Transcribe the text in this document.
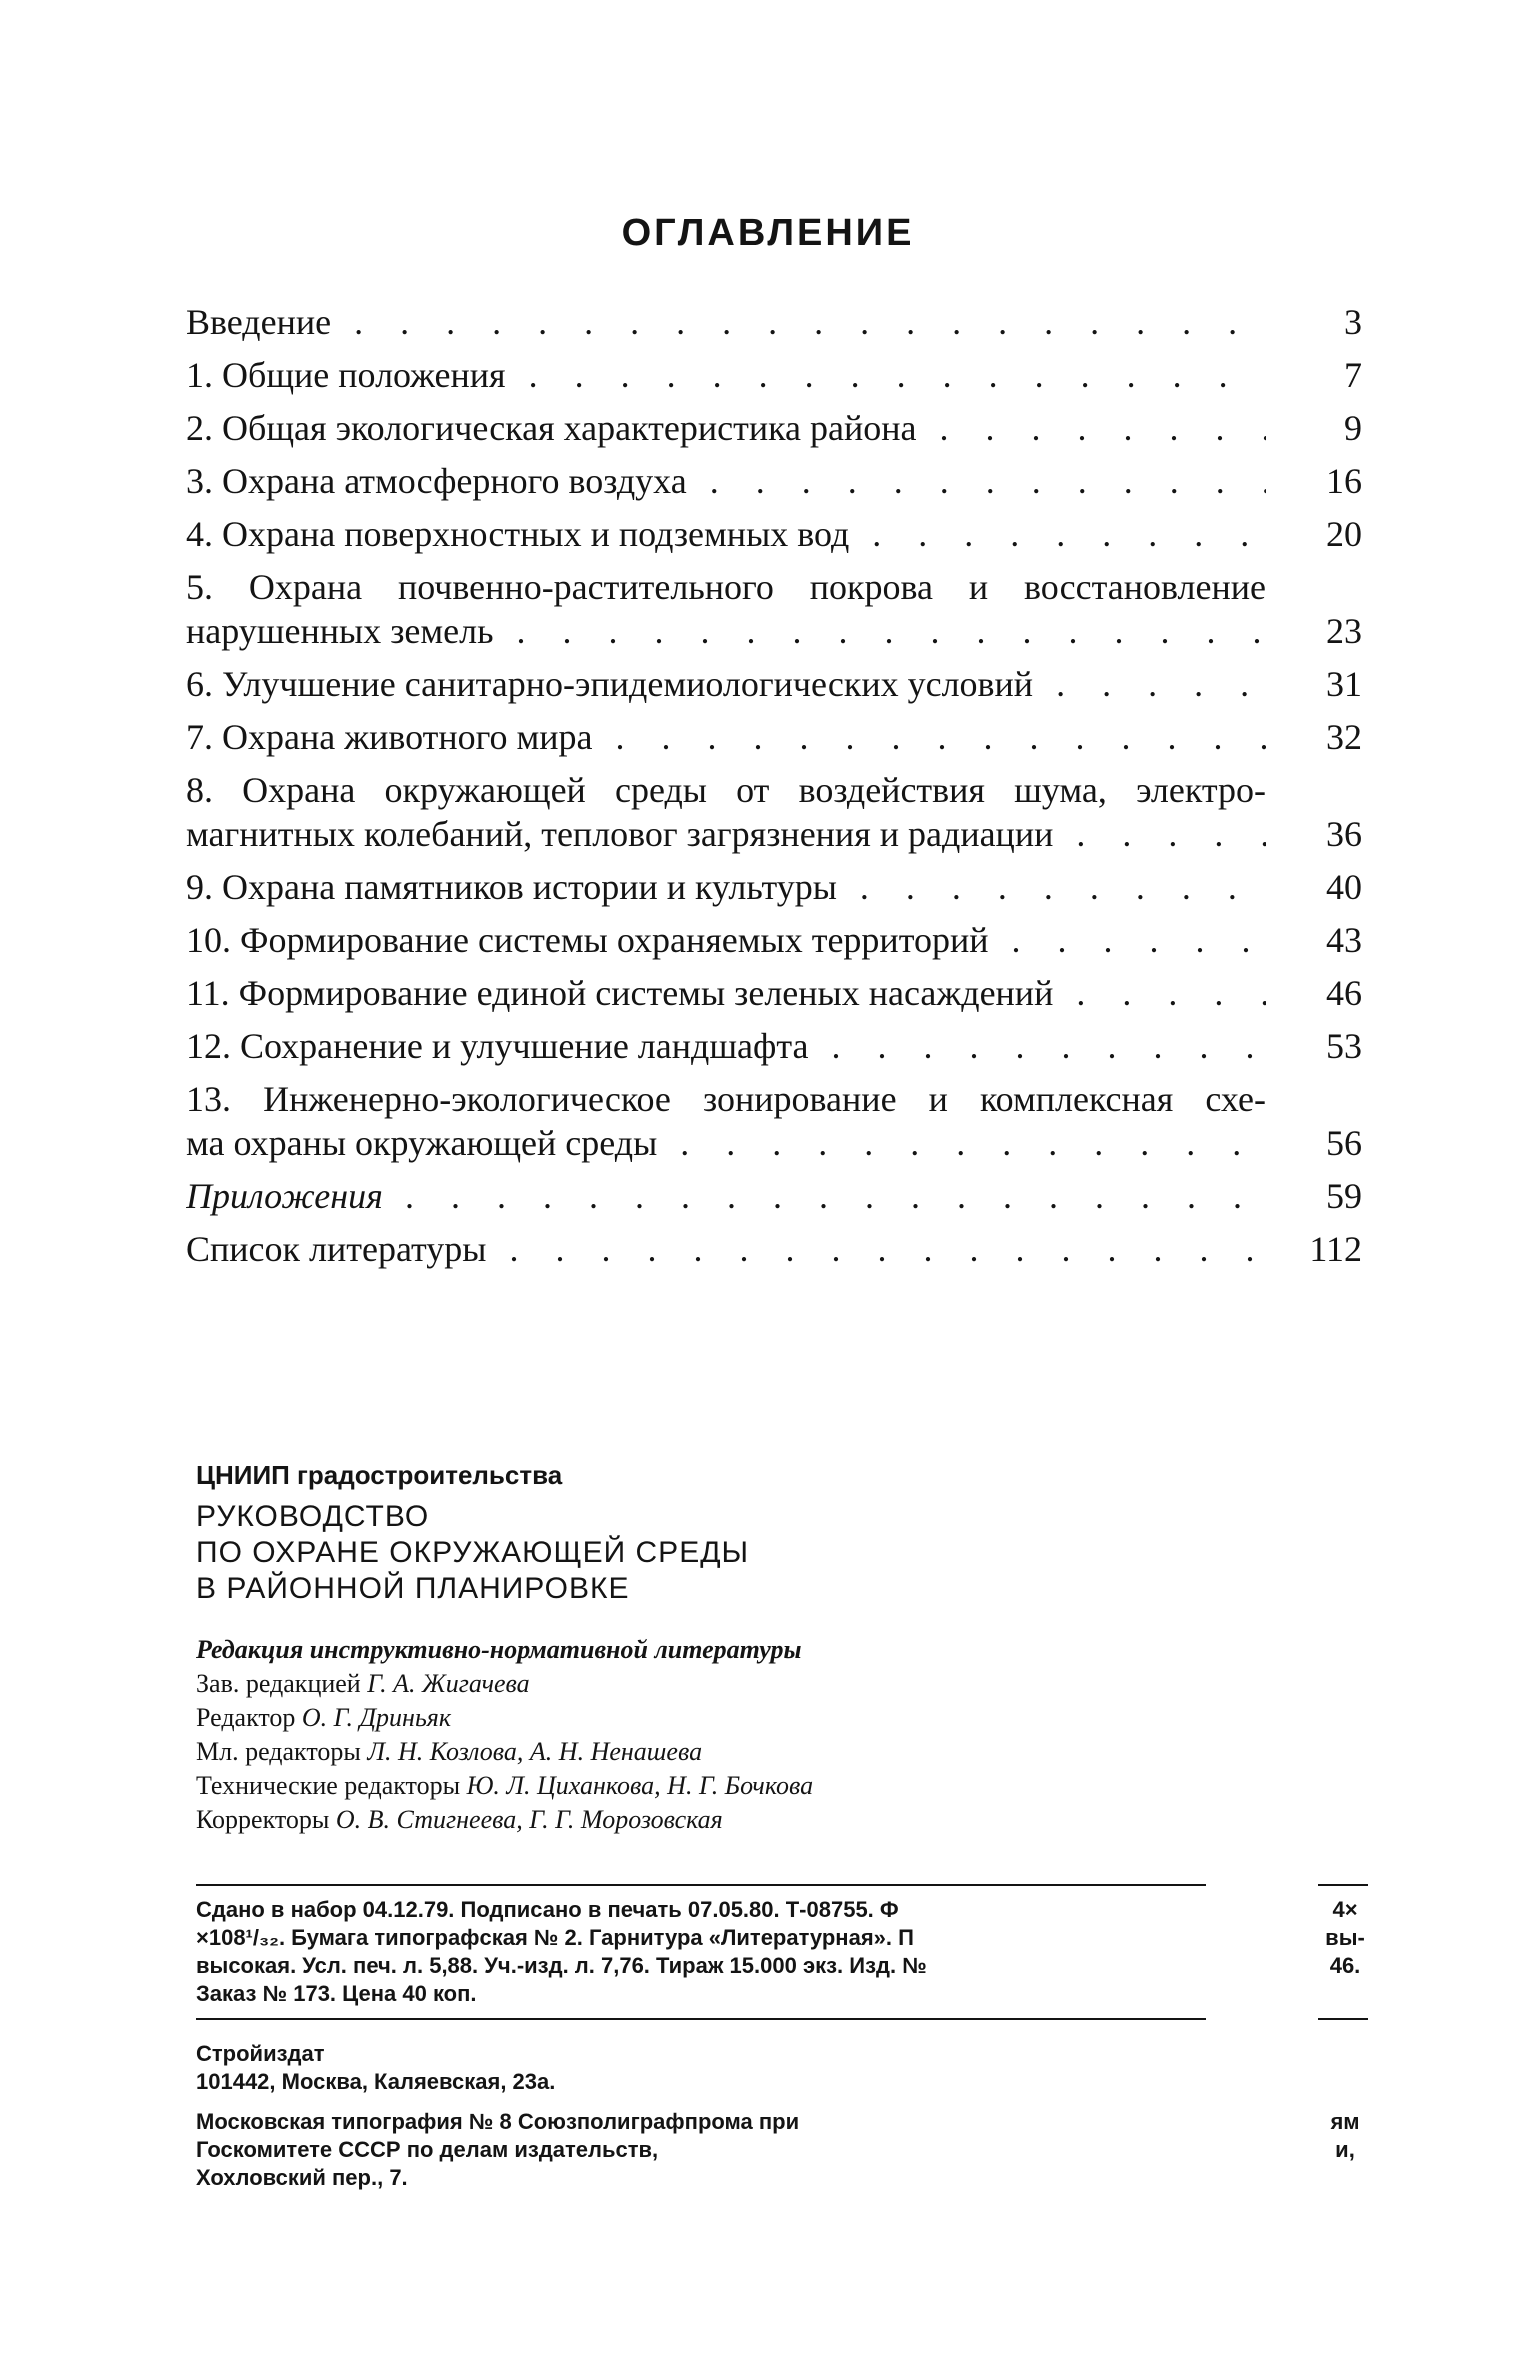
ОГЛАВЛЕНИЕ
Введение . . .	3
1. Общие положения . . .	7
2. Общая экологическая характеристика района . . .	9
3. Охрана атмосферного воздуха . . .	16
4. Охрана поверхностных и подземных вод . . .	20
5. Охрана почвенно-растительного покрова и восстановление
нарушенных земель . . .	23
6. Улучшение санитарно-эпидемиологических условий . . .	31
7. Охрана животного мира . . .	32
8. Охрана окружающей среды от воздействия шума, электро-
магнитных колебаний, тепловог загрязнения и радиации . . .	36
9. Охрана памятников истории и культуры . . .	40
10. Формирование системы охраняемых территорий . . .	43
11. Формирование единой системы зеленых насаждений . . .	46
12. Сохранение и улучшение ландшафта . . .	53
13. Инженерно-экологическое зонирование и комплексная схе-
ма охраны окружающей среды . . .	56
Приложения . . .	59
Список литературы . . .	112
ЦНИИП градостроительства
РУКОВОДСТВО
ПО ОХРАНЕ ОКРУЖАЮЩЕЙ СРЕДЫ
В РАЙОННОЙ ПЛАНИРОВКЕ
Редакция инструктивно-нормативной литературы
Зав. редакцией Г. А. Жигачева
Редактор О. Г. Дриньяк
Мл. редакторы Л. Н. Козлова, А. Н. Ненашева
Технические редакторы Ю. Л. Циханкова, Н. Г. Бочкова
Корректоры О. В. Стигнеева, Г. Г. Морозовская
Сдано в набор 04.12.79. Подписано в печать 07.05.80. Т-08755. Ф
×108¹/₃₂. Бумага типографская № 2. Гарнитура «Литературная». П
высокая. Усл. печ. л. 5,88. Уч.-изд. л. 7,76. Тираж 15.000 экз. Изд. №
Заказ № 173. Цена 40 коп.
4×
вы-
46.
Стройиздат
101442, Москва, Каляевская, 23а.
Московская типография № 8 Союзполиграфпрома при
Госкомитете СССР по делам издательств,
Хохловский пер., 7.
ям
и,
